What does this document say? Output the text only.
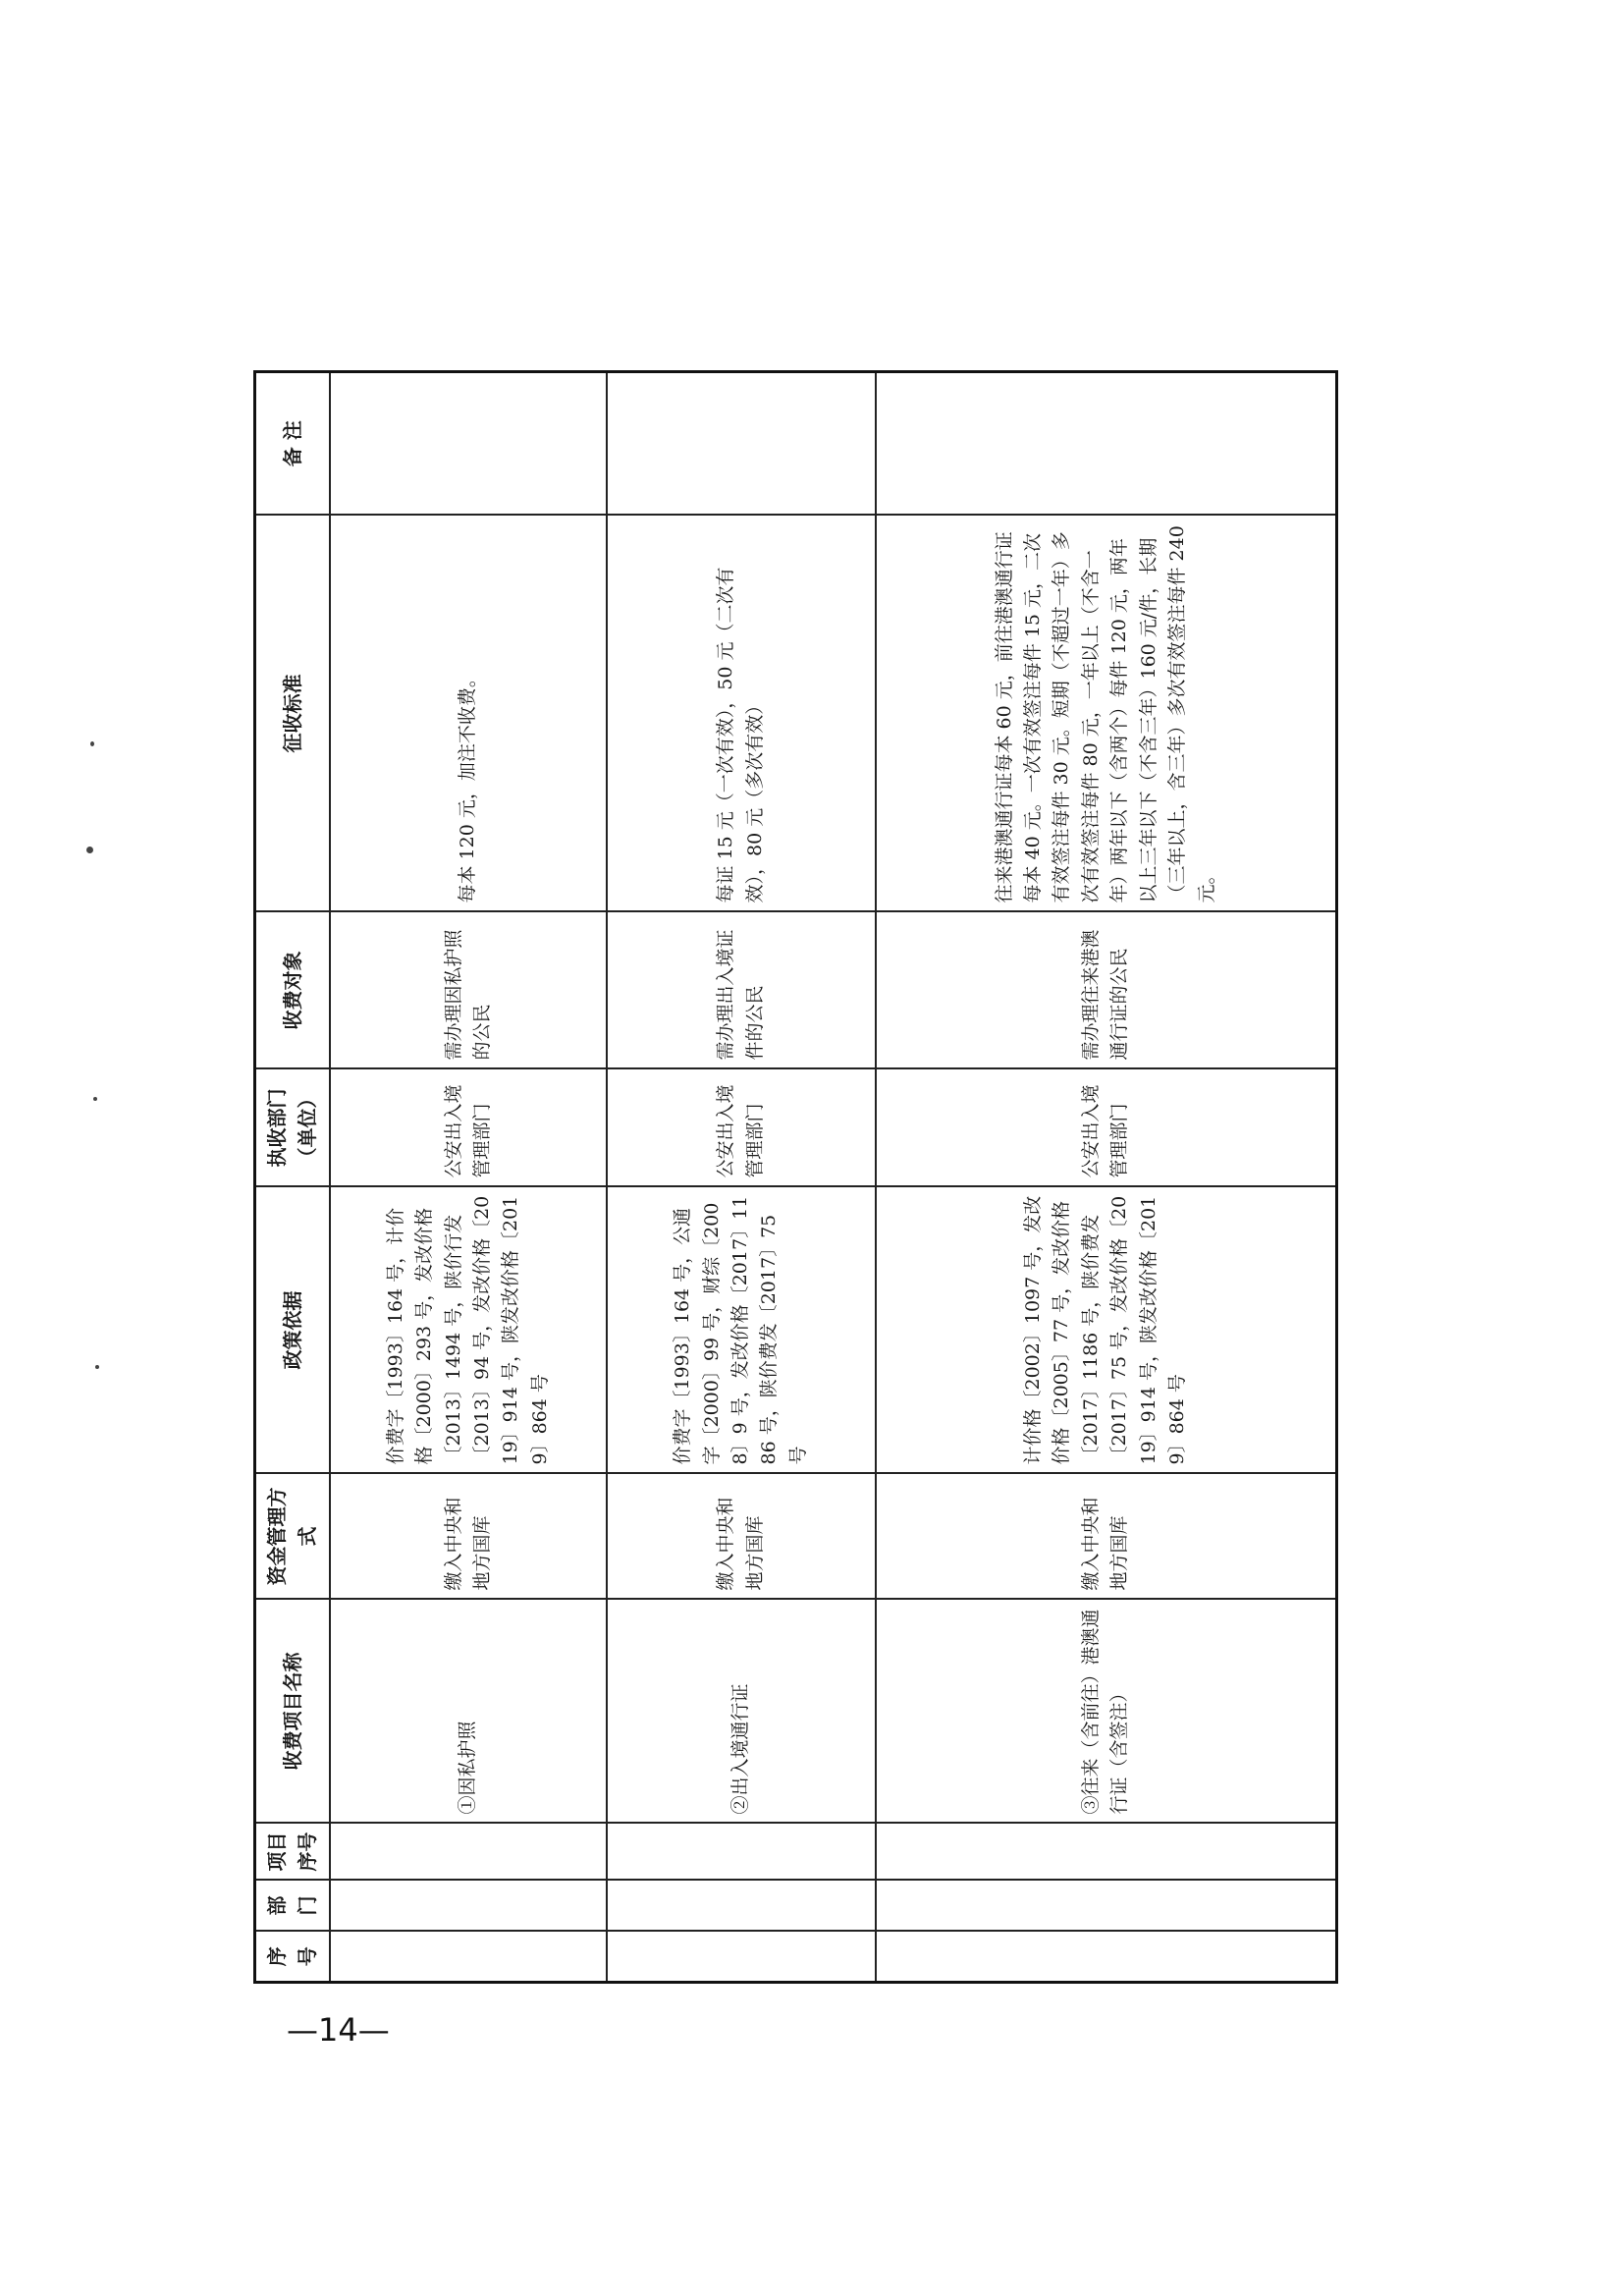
序号	部门	项目序号	收费项目名称	资金管理方式	政策依据	执收部门（单位）	收费对象	征收标准	备 注
			①因私护照	缴入中央和地方国库	价费字〔1993〕164 号，计价格〔2000〕293 号，发改价格〔2013〕1494 号，陕价行发〔2013〕94 号，发改价格〔2019〕914 号，陕发改价格〔2019〕864 号	公安出入境管理部门	需办理因私护照的公民	每本 120 元，加注不收费。	
			②出入境通行证	缴入中央和地方国库	价费字〔1993〕164 号，公通字〔2000〕99 号，财综〔2008〕9 号，发改价格〔2017〕1186 号，陕价费发〔2017〕75 号	公安出入境管理部门	需办理出入境证件的公民	每证 15 元（一次有效），50 元（二次有效），80 元（多次有效）	
			③往来（含前往）港澳通行证（含签注）	缴入中央和地方国库	计价格〔2002〕1097 号，发改价格〔2005〕77 号，发改价格〔2017〕1186 号，陕价费发〔2017〕75 号，发改价格〔2019〕914 号，陕发改价格〔2019〕864 号	公安出入境管理部门	需办理往来港澳通行证的公民	往来港澳通行证每本 60 元，前往港澳通行证每本 40 元。一次有效签注每件 15 元，二次有效签注每件 30 元。短期（不超过一年）多次有效签注每件 80 元，一年以上（不含一年）两年以下（含两个）每件 120 元，两年以上三年以下（不含三年）160 元/件，长期（三年以上，含三年）多次有效签注每件 240 元。	
—14—
